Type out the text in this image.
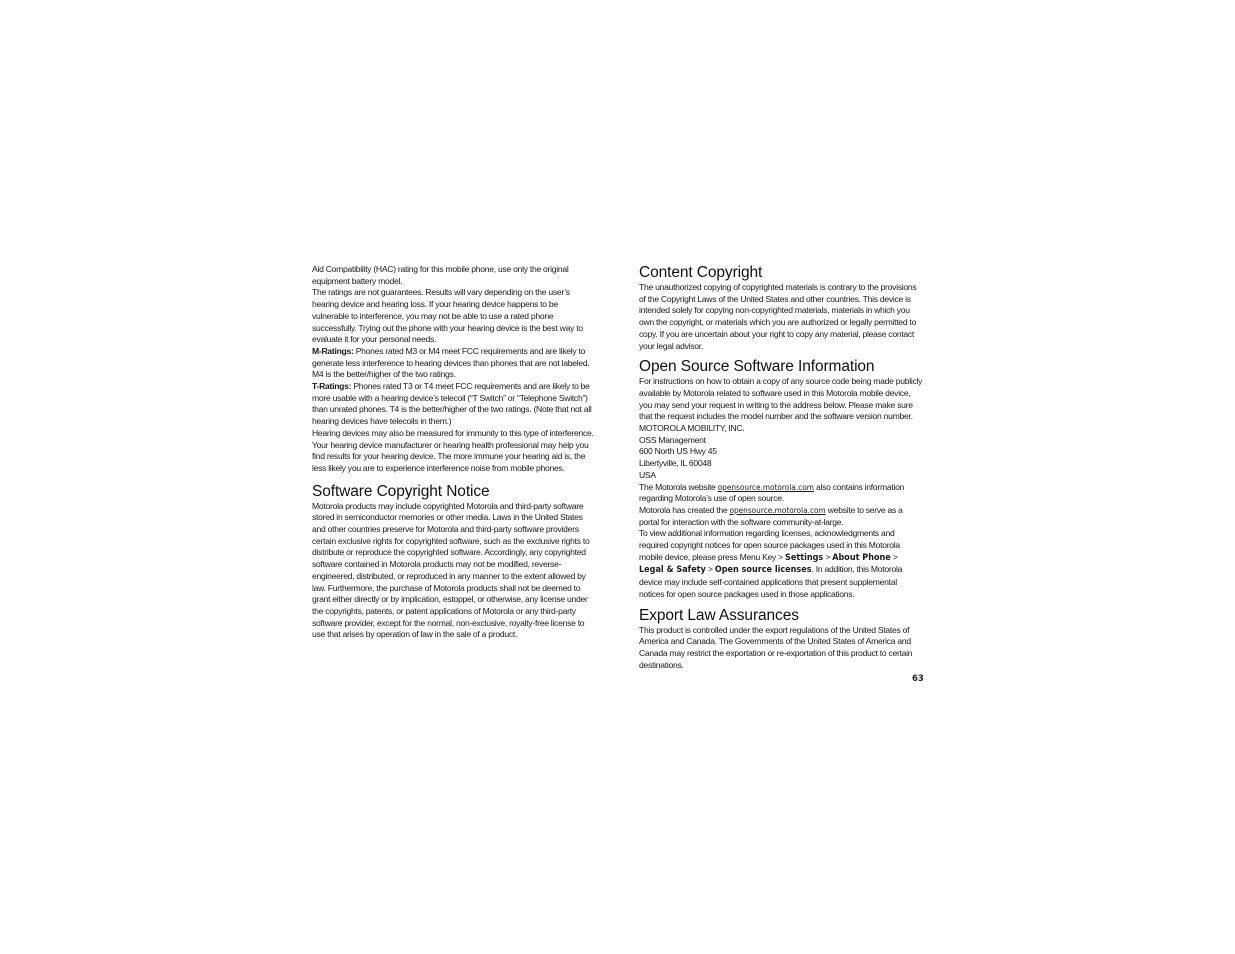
Aid Compatibility (HAC) rating for this mobile phone, use only the original equipment battery model.

The ratings are not guarantees. Results will vary depending on the user’s hearing device and hearing loss. If your hearing device happens to be vulnerable to interference, you may not be able to use a rated phone successfully. Trying out the phone with your hearing device is the best way to evaluate it for your personal needs.

M-Ratings: Phones rated M3 or M4 meet FCC requirements and are likely to generate less interference to hearing devices than phones that are not labeled. M4 is the better/higher of the two ratings.

T-Ratings: Phones rated T3 or T4 meet FCC requirements and are likely to be more usable with a hearing device’s telecoil (“T Switch” or “Telephone Switch”) than unrated phones. T4 is the better/higher of the two ratings. (Note that not all hearing devices have telecoils in them.)

Hearing devices may also be measured for immunity to this type of interference. Your hearing device manufacturer or hearing health professional may help you find results for your hearing device. The more immune your hearing aid is, the less likely you are to experience interference noise from mobile phones.

Software Copyright Notice

Motorola products may include copyrighted Motorola and third-party software stored in semiconductor memories or other media. Laws in the United States and other countries preserve for Motorola and third-party software providers certain exclusive rights for copyrighted software, such as the exclusive rights to distribute or reproduce the copyrighted software. Accordingly, any copyrighted software contained in Motorola products may not be modified, reverse-engineered, distributed, or reproduced in any manner to the extent allowed by law. Furthermore, the purchase of Motorola products shall not be deemed to grant either directly or by implication, estoppel, or otherwise, any license under the copyrights, patents, or patent applications of Motorola or any third-party software provider, except for the normal, non-exclusive, royalty-free license to use that arises by operation of law in the sale of a product.

Content Copyright

The unauthorized copying of copyrighted materials is contrary to the provisions of the Copyright Laws of the United States and other countries. This device is intended solely for copying non-copyrighted materials, materials in which you own the copyright, or materials which you are authorized or legally permitted to copy. If you are uncertain about your right to copy any material, please contact your legal advisor.

Open Source Software Information

For instructions on how to obtain a copy of any source code being made publicly available by Motorola related to software used in this Motorola mobile device, you may send your request in writing to the address below. Please make sure that the request includes the model number and the software version number.

MOTOROLA MOBILITY, INC.
OSS Management
600 North US Hwy 45
Libertyville, IL 60048
USA

The Motorola website opensource.motorola.com also contains information regarding Motorola’s use of open source.

Motorola has created the opensource.motorola.com website to serve as a portal for interaction with the software community-at-large.

To view additional information regarding licenses, acknowledgments and required copyright notices for open source packages used in this Motorola mobile device, please press Menu Key > Settings > About Phone > Legal & Safety > Open source licenses. In addition, this Motorola device may include self-contained applications that present supplemental notices for open source packages used in those applications.

Export Law Assurances

This product is controlled under the export regulations of the United States of America and Canada. The Governments of the United States of America and Canada may restrict the exportation or re-exportation of this product to certain destinations.

63
